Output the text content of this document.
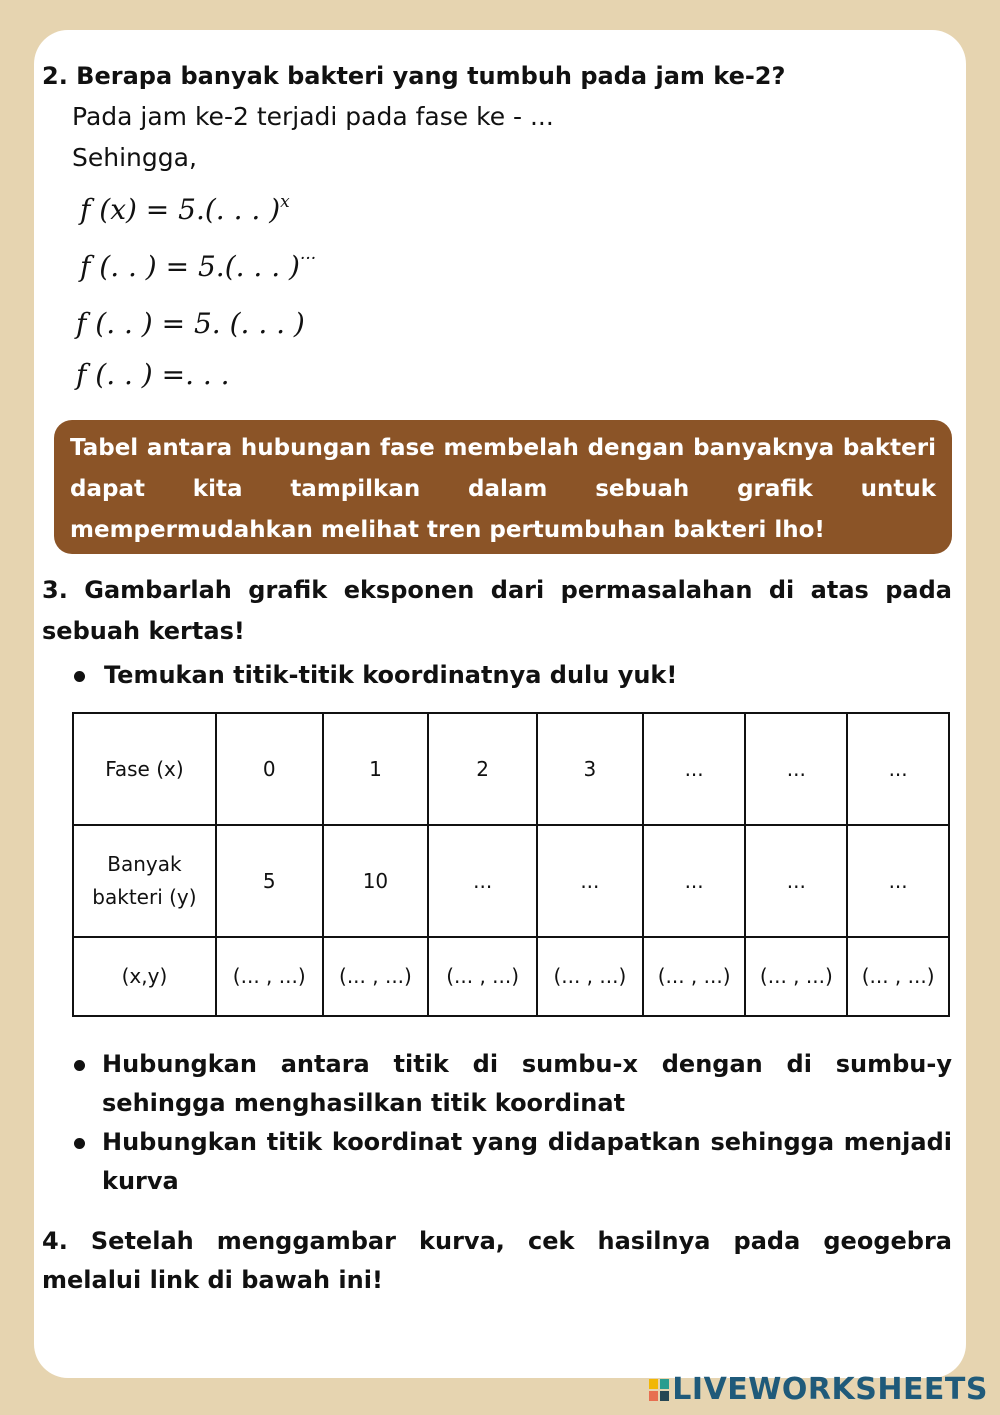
2. Berapa banyak bakteri yang tumbuh pada jam ke-2?
Pada jam ke-2 terjadi pada fase ke - ...
Sehingga,
f (x) = 5.(. . . )$^x$
f (. . ) = 5.(. . . )···
f (. . ) = 5. (. . . )
f (. . ) =. . .
Tabel antara hubungan fase membelah dengan banyaknya bakteri dapat kita tampilkan dalam sebuah grafik untuk mempermudahkan melihat tren pertumbuhan bakteri lho!
3. Gambarlah grafik eksponen dari permasalahan di atas pada sebuah kertas!
Temukan titik-titik koordinatnya dulu yuk!
Fase (x)	0	1	2	3	...	...	...
Banyak bakteri (y)	5	10	...	...	...	...	...
(x,y)	(... , ...)	(... , ...)	(... , ...)	(... , ...)	(... , ...)	(... , ...)	(... , ...)
Hubungkan antara titik di sumbu-x dengan di sumbu-y sehingga menghasilkan titik koordinat
Hubungkan titik koordinat yang didapatkan sehingga menjadi kurva
4. Setelah menggambar kurva, cek hasilnya pada geogebra melalui link di bawah ini!
LIVEWORKSHEETS
